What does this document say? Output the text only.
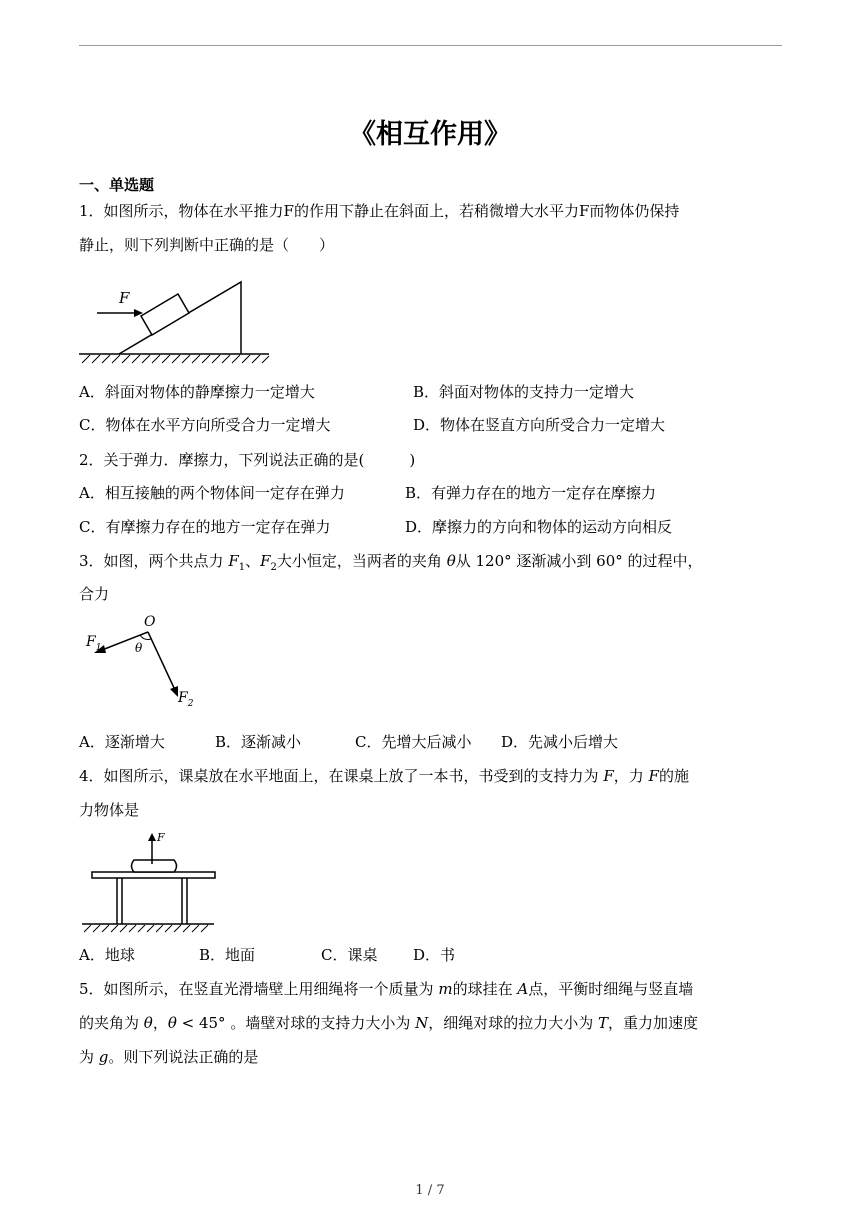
《相互作用》
一、单选题
1．如图所示，物体在水平推力F的作用下静止在斜面上，若稍微增大水平力F而物体仍保持
静止，则下列判断中正确的是（　　）
F
A．斜面对物体的静摩擦力一定增大	B．斜面对物体的支持力一定增大
C．物体在水平方向所受合力一定增大	D．物体在竖直方向所受合力一定增大
2．关于弹力．摩擦力，下列说法正确的是(　　　)
A．相互接触的两个物体间一定存在弹力	B．有弹力存在的地方一定存在摩擦力
C．有摩擦力存在的地方一定存在弹力	D．摩擦力的方向和物体的运动方向相反
3．如图，两个共点力 $F_1$、$F_2$大小恒定，当两者的夹角 θ从 120° 逐渐减小到 60° 的过程中，
合力
O
θ
$F_1$
$F_2$
A．逐渐增大	B．逐渐减小	C．先增大后减小 D．先减小后增大
4．如图所示，课桌放在水平地面上，在课桌上放了一本书，书受到的支持力为 F，力 F的施
力物体是
F
A．地球	B．地面	C．课桌 D．书
5．如图所示，在竖直光滑墙壁上用细绳将一个质量为 m的球挂在 A点，平衡时细绳与竖直墙
的夹角为 θ，θ < 45° 。墙壁对球的支持力大小为 N，细绳对球的拉力大小为 T，重力加速度
为 g。则下列说法正确的是
1 / 7
